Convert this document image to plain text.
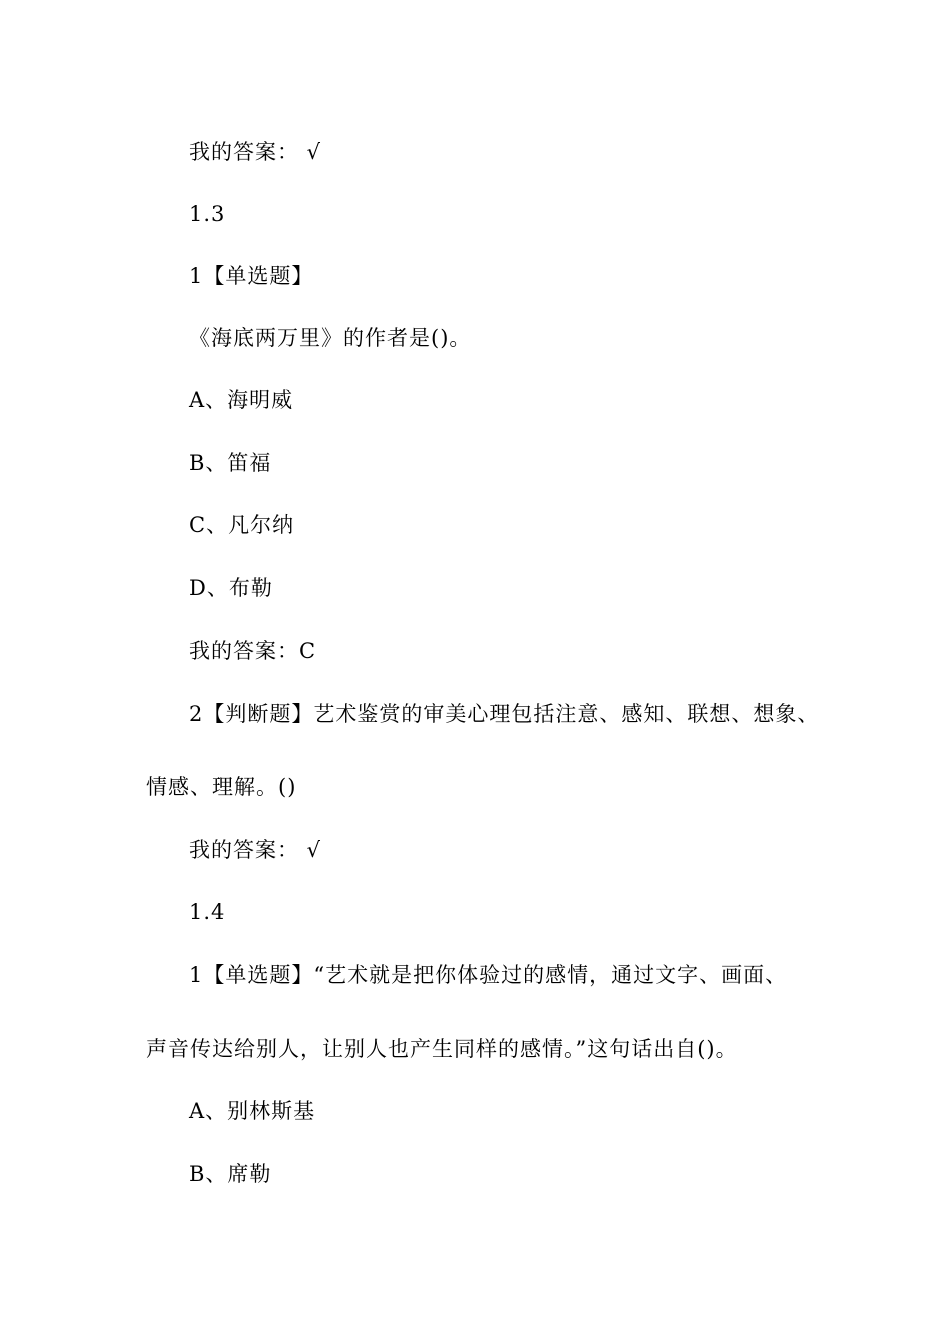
我的答案： √
1.3
1【单选题】
《海底两万里》的作者是()。
A、海明威
B、笛福
C、凡尔纳
D、布勒
我的答案：C
2【判断题】艺术鉴赏的审美心理包括注意、感知、联想、想象、
情感、理解。()
我的答案： √
1.4
1【单选题】“艺术就是把你体验过的感情，通过文字、画面、
声音传达给别人，让别人也产生同样的感情。”这句话出自()。
A、别林斯基
B、席勒
